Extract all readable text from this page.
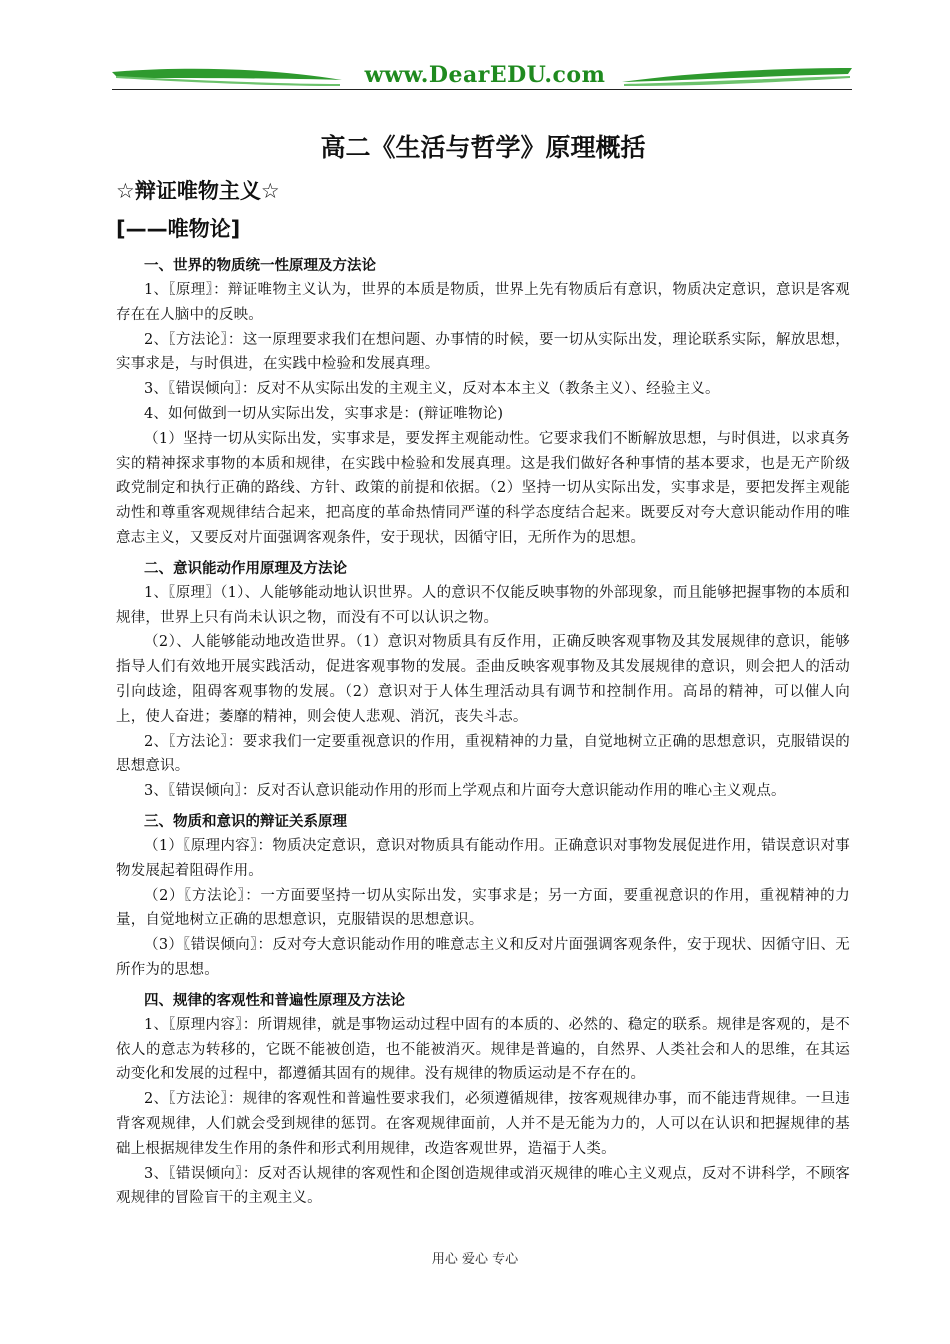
www.DearEDU.com
高二《生活与哲学》原理概括
☆辩证唯物主义☆
[——唯物论]
一、世界的物质统一性原理及方法论

1、〖原理〗：辩证唯物主义认为，世界的本质是物质，世界上先有物质后有意识，物质决定意识，意识是客观存在在人脑中的反映。

2、〖方法论〗：这一原理要求我们在想问题、办事情的时候，要一切从实际出发，理论联系实际，解放思想，实事求是，与时俱进，在实践中检验和发展真理。

3、〖错误倾向〗：反对不从实际出发的主观主义，反对本本主义（教条主义）、经验主义。

4、如何做到一切从实际出发，实事求是：(辩证唯物论)

（1）坚持一切从实际出发，实事求是，要发挥主观能动性。它要求我们不断解放思想，与时俱进，以求真务实的精神探求事物的本质和规律，在实践中检验和发展真理。这是我们做好各种事情的基本要求，也是无产阶级政党制定和执行正确的路线、方针、政策的前提和依据。（2）坚持一切从实际出发，实事求是，要把发挥主观能动性和尊重客观规律结合起来，把高度的革命热情同严谨的科学态度结合起来。既要反对夸大意识能动作用的唯意志主义，又要反对片面强调客观条件，安于现状，因循守旧，无所作为的思想。

二、意识能动作用原理及方法论

1、〖原理〗（1）、人能够能动地认识世界。人的意识不仅能反映事物的外部现象，而且能够把握事物的本质和规律，世界上只有尚未认识之物，而没有不可以认识之物。

（2）、人能够能动地改造世界。（1）意识对物质具有反作用，正确反映客观事物及其发展规律的意识，能够指导人们有效地开展实践活动，促进客观事物的发展。歪曲反映客观事物及其发展规律的意识，则会把人的活动引向歧途，阻碍客观事物的发展。（2）意识对于人体生理活动具有调节和控制作用。高昂的精神，可以催人向上，使人奋进；萎靡的精神，则会使人悲观、消沉，丧失斗志。

2、〖方法论〗：要求我们一定要重视意识的作用，重视精神的力量，自觉地树立正确的思想意识，克服错误的思想意识。

3、〖错误倾向〗：反对否认意识能动作用的形而上学观点和片面夸大意识能动作用的唯心主义观点。

三、物质和意识的辩证关系原理

（1）〖原理内容〗：物质决定意识，意识对物质具有能动作用。正确意识对事物发展促进作用，错误意识对事物发展起着阻碍作用。

（2）〖方法论〗：一方面要坚持一切从实际出发，实事求是；另一方面，要重视意识的作用，重视精神的力量，自觉地树立正确的思想意识，克服错误的思想意识。

（3）〖错误倾向〗：反对夸大意识能动作用的唯意志主义和反对片面强调客观条件，安于现状、因循守旧、无所作为的思想。

四、规律的客观性和普遍性原理及方法论

1、〖原理内容〗：所谓规律，就是事物运动过程中固有的本质的、必然的、稳定的联系。规律是客观的，是不依人的意志为转移的，它既不能被创造，也不能被消灭。规律是普遍的，自然界、人类社会和人的思维，在其运动变化和发展的过程中，都遵循其固有的规律。没有规律的物质运动是不存在的。

2、〖方法论〗：规律的客观性和普遍性要求我们，必须遵循规律，按客观规律办事，而不能违背规律。一旦违背客观规律，人们就会受到规律的惩罚。在客观规律面前，人并不是无能为力的，人可以在认识和把握规律的基础上根据规律发生作用的条件和形式利用规律，改造客观世界，造福于人类。

3、〖错误倾向〗：反对否认规律的客观性和企图创造规律或消灭规律的唯心主义观点，反对不讲科学，不顾客观规律的冒险盲干的主观主义。

用心 爱心 专心
